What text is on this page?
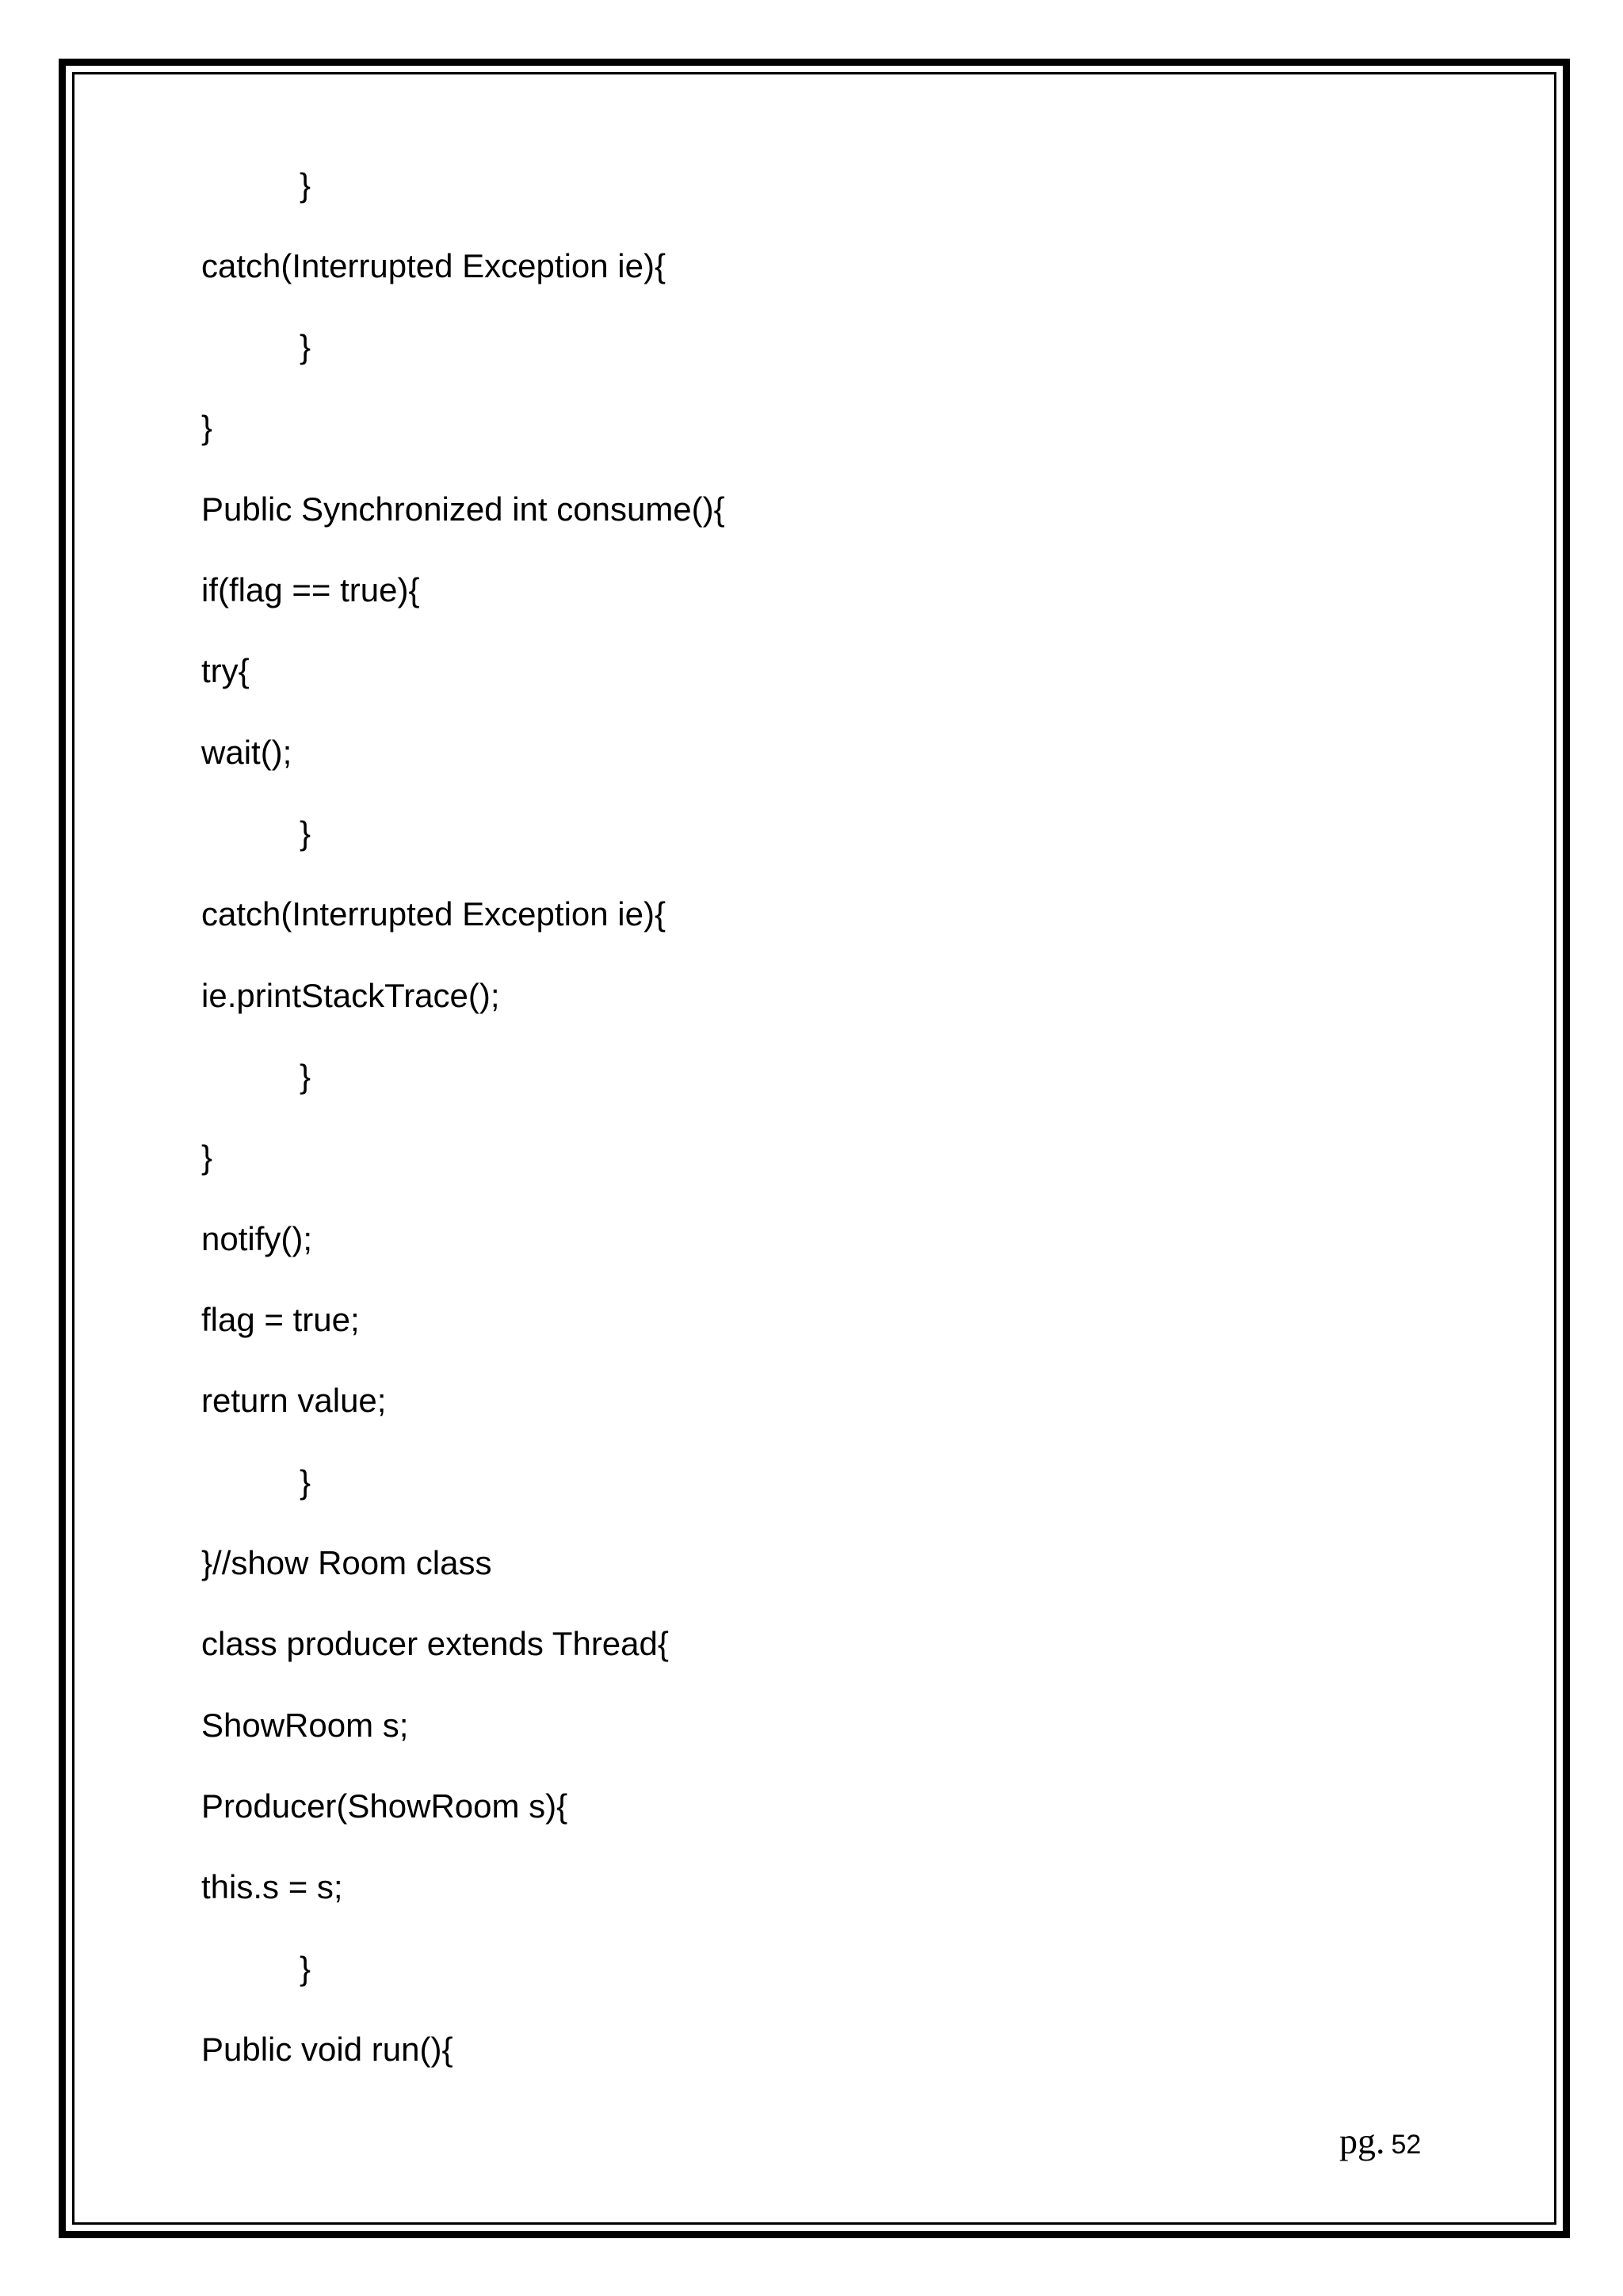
}
catch(Interrupted Exception ie){
}
}
Public Synchronized int consume(){
if(flag == true){
try{
wait();
}
catch(Interrupted Exception ie){
ie.printStackTrace();
}
}
notify();
flag = true;
return value;
}
}//show Room class
class producer extends Thread{
ShowRoom s;
Producer(ShowRoom s){
this.s = s;
}
Public void run(){
pg. 52
